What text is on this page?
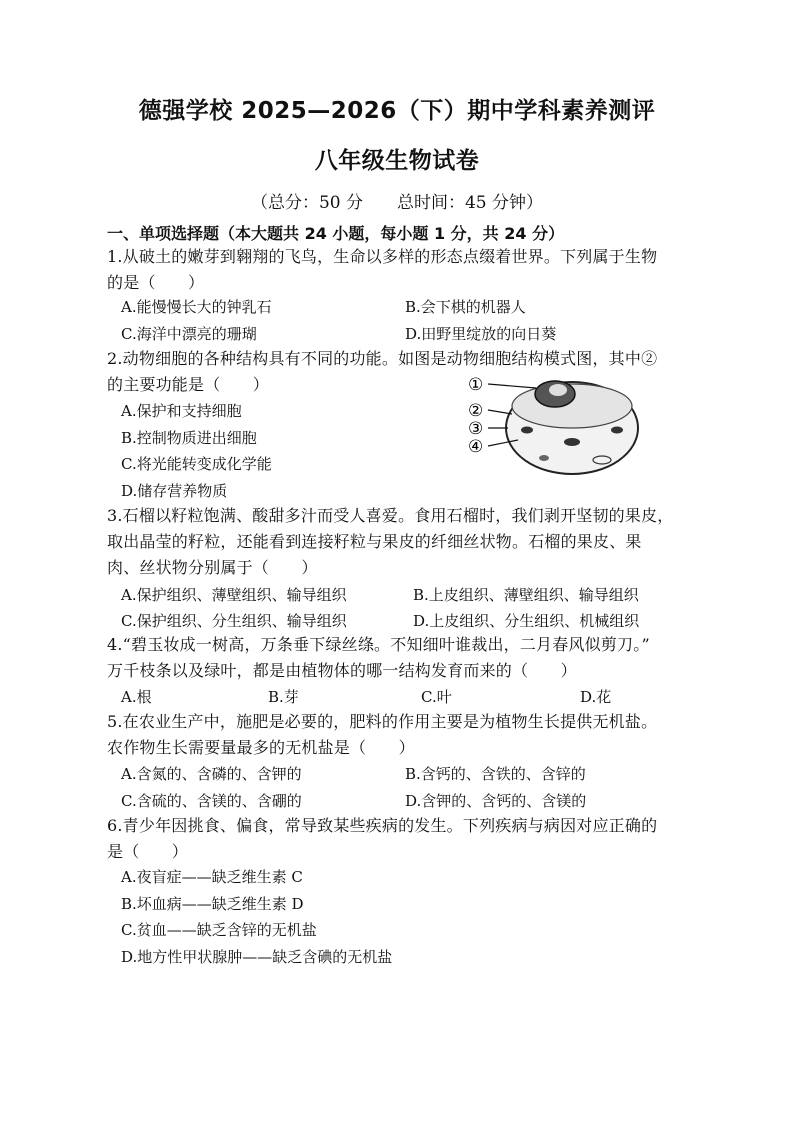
德强学校 2025—2026（下）期中学科素养测评
八年级生物试卷
（总分：50 分　　总时间：45 分钟）
一、单项选择题（本大题共 24 小题，每小题 1 分，共 24 分）
1.从破土的嫩芽到翱翔的飞鸟，生命以多样的形态点缀着世界。下列属于生物
的是（　　）
A.能慢慢长大的钟乳石	B.会下棋的机器人
C.海洋中漂亮的珊瑚	D.田野里绽放的向日葵
2.动物细胞的各种结构具有不同的功能。如图是动物细胞结构模式图，其中②
的主要功能是（　　）
A.保护和支持细胞
B.控制物质进出细胞
C.将光能转变成化学能
D.储存营养物质
①
②
③
④
3.石榴以籽粒饱满、酸甜多汁而受人喜爱。食用石榴时，我们剥开坚韧的果皮，
取出晶莹的籽粒，还能看到连接籽粒与果皮的纤细丝状物。石榴的果皮、果
肉、丝状物分别属于（　　）
A.保护组织、薄壁组织、输导组织	B.上皮组织、薄壁组织、输导组织
C.保护组织、分生组织、输导组织	D.上皮组织、分生组织、机械组织
4.“碧玉妆成一树高，万条垂下绿丝绦。不知细叶谁裁出，二月春风似剪刀。”
万千枝条以及绿叶，都是由植物体的哪一结构发育而来的（　　）
A.根	B.芽	C.叶	D.花
5.在农业生产中，施肥是必要的，肥料的作用主要是为植物生长提供无机盐。
农作物生长需要量最多的无机盐是（　　）
A.含氮的、含磷的、含钾的	B.含钙的、含铁的、含锌的
C.含硫的、含镁的、含硼的	D.含钾的、含钙的、含镁的
6.青少年因挑食、偏食，常导致某些疾病的发生。下列疾病与病因对应正确的
是（　　）
A.夜盲症——缺乏维生素 C
B.坏血病——缺乏维生素 D
C.贫血——缺乏含锌的无机盐
D.地方性甲状腺肿——缺乏含碘的无机盐
